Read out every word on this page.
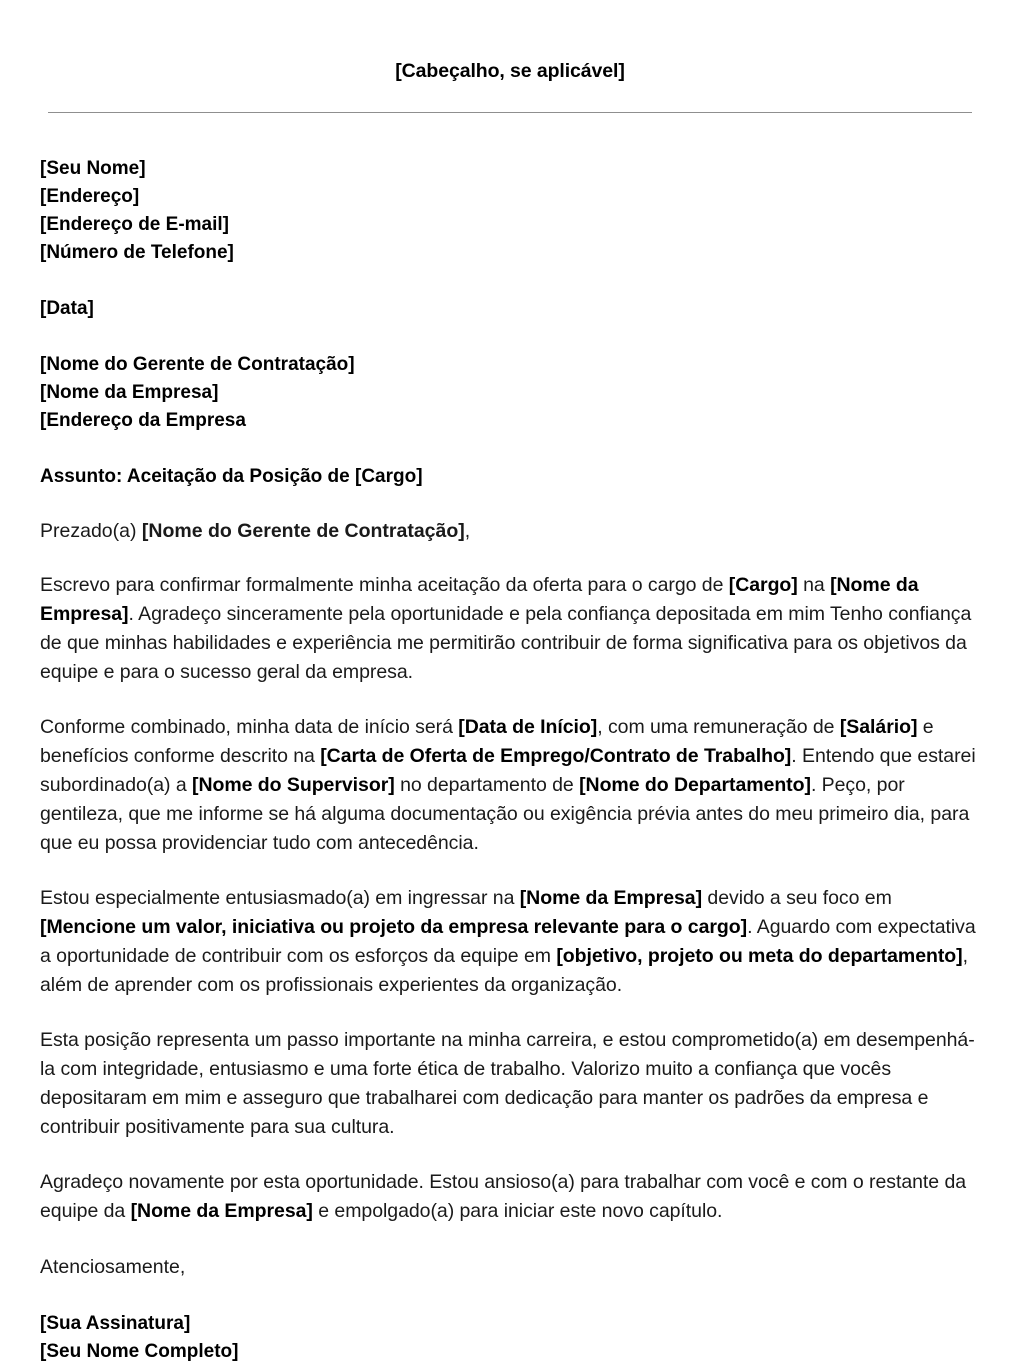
[Cabeçalho, se aplicável]
[Seu Nome]
[Endereço]
[Endereço de E-mail]
[Número de Telefone]
[Data]
[Nome do Gerente de Contratação]
[Nome da Empresa]
[Endereço da Empresa
Assunto: Aceitação da Posição de [Cargo]
Prezado(a) [Nome do Gerente de Contratação],

Escrevo para confirmar formalmente minha aceitação da oferta para o cargo de [Cargo] na [Nome da Empresa]. Agradeço sinceramente pela oportunidade e pela confiança depositada em mim Tenho confiança de que minhas habilidades e experiência me permitirão contribuir de forma significativa para os objetivos da equipe e para o sucesso geral da empresa.

Conforme combinado, minha data de início será [Data de Início], com uma remuneração de [Salário] e benefícios conforme descrito na [Carta de Oferta de Emprego/Contrato de Trabalho]. Entendo que estarei subordinado(a) a [Nome do Supervisor] no departamento de [Nome do Departamento]. Peço, por gentileza, que me informe se há alguma documentação ou exigência prévia antes do meu primeiro dia, para que eu possa providenciar tudo com antecedência.

Estou especialmente entusiasmado(a) em ingressar na [Nome da Empresa] devido a seu foco em [Mencione um valor, iniciativa ou projeto da empresa relevante para o cargo]. Aguardo com expectativa a oportunidade de contribuir com os esforços da equipe em [objetivo, projeto ou meta do departamento], além de aprender com os profissionais experientes da organização.

Esta posição representa um passo importante na minha carreira, e estou comprometido(a) em desempenhá-la com integridade, entusiasmo e uma forte ética de trabalho. Valorizo muito a confiança que vocês depositaram em mim e asseguro que trabalharei com dedicação para manter os padrões da empresa e contribuir positivamente para sua cultura.

Agradeço novamente por esta oportunidade. Estou ansioso(a) para trabalhar com você e com o restante da equipe da [Nome da Empresa] e empolgado(a) para iniciar este novo capítulo.

Atenciosamente,
[Sua Assinatura]
[Seu Nome Completo]
